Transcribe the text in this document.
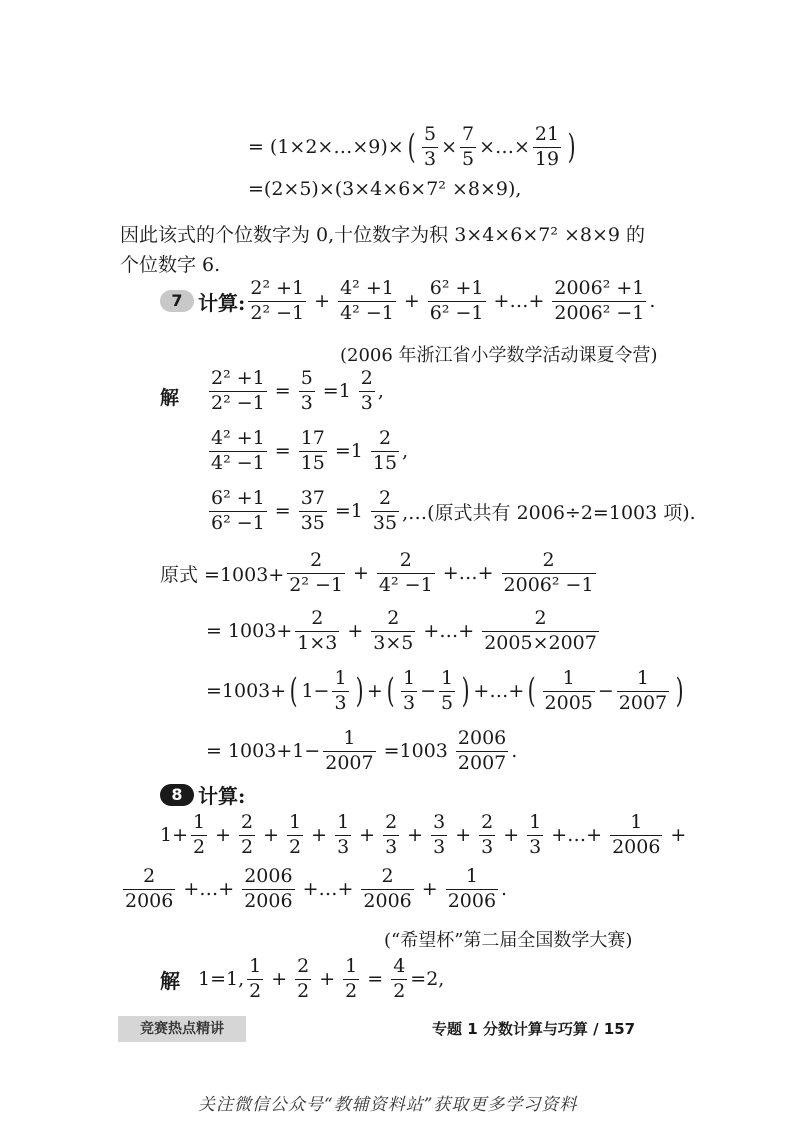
= (1×2×…×9)× ( $\frac{5}{3} \times \frac{7}{5}$ ×…× $\frac{21}{19}$ )
=(2×5)×(3×4×6×7² ×8×9),
因此该式的个位数字为 0,十位数字为积 3×4×6×7² ×8×9 的
个位数字 6.
7 计算: $\frac{\text{2² +1}}{\text{2² −1}} + \frac{\text{4² +1}}{\text{4² −1}} + \frac{\text{6² +1}}{\text{6² −1}}$ +…+ $\frac{\text{2006² +1}}{\text{2006² −1}}$ .
(2006 年浙江省小学数学活动课夏令营)
解 $\frac{\text{2² +1}}{\text{2² −1}} = \frac{5}{3} =1 \frac{2}{3}$ ,
$\frac{\text{4² +1}}{\text{4² −1}} = \frac{17}{15} =1 \frac{2}{15}$ ,
$\frac{\text{6² +1}}{\text{6² −1}} = \frac{37}{35} =1 \frac{2}{35}$ ,…(原式共有 2006÷2=1003 项).
原式 $=1003+ \frac{2}{\text{2² −1}} + \frac{2}{\text{4² −1}}$ +…+ $\frac{2}{\text{2006² −1}}$
= $1003+ \frac{2}{1\times 3} + \frac{2}{3\times 5}$ +…+ $\frac{2}{2005\times 2007}$
=1003+ ( $1- \frac{1}{3}$ ) + ( $\frac{1}{3} - \frac{1}{5}$ ) +…+ ( $\frac{1}{2005} - \frac{1}{2007}$ )
= $1003+1- \frac{1}{2007} =1003 \frac{2006}{2007}$ .
8 计算:
$1+ \frac{1}{2} + \frac{2}{2} + \frac{1}{2} + \frac{1}{3} + \frac{2}{3} + \frac{3}{3} + \frac{2}{3} + \frac{1}{3}$ +…+ $\frac{1}{2006}$ +
$\frac{2}{2006}$ +…+ $\frac{2006}{2006}$ +…+ $\frac{2}{2006} + \frac{1}{2006}$ .
(“希望杯”第二届全国数学大赛)
解 1=1, $\frac{1}{2} + \frac{2}{2} + \frac{1}{2} = \frac{4}{2} =2$,
竞赛热点精讲	专题 1 分数计算与巧算 / 157
关注微信公众号“教辅资料站”获取更多学习资料
